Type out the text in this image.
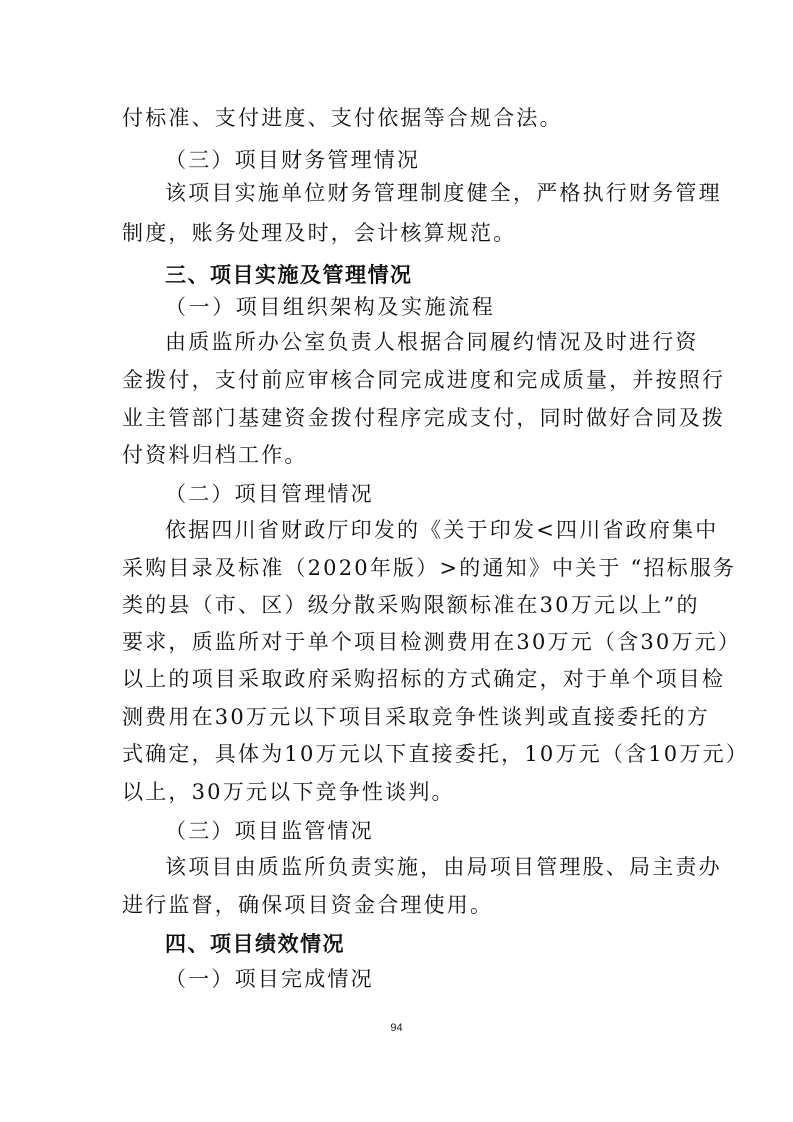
付标准、支付进度、支付依据等合规合法。
（三）项目财务管理情况
该项目实施单位财务管理制度健全，严格执行财务管理
制度，账务处理及时，会计核算规范。
三、项目实施及管理情况
（一）项目组织架构及实施流程
由质监所办公室负责人根据合同履约情况及时进行资
金拨付，支付前应审核合同完成进度和完成质量，并按照行
业主管部门基建资金拨付程序完成支付，同时做好合同及拨
付资料归档工作。
（二）项目管理情况
依据四川省财政厅印发的《关于印发<四川省政府集中
采购目录及标准（2020年版）>的通知》中关于 “招标服务
类的县（市、区）级分散采购限额标准在30万元以上”的
要求，质监所对于单个项目检测费用在30万元（含30万元）
以上的项目采取政府采购招标的方式确定，对于单个项目检
测费用在30万元以下项目采取竞争性谈判或直接委托的方
式确定，具体为10万元以下直接委托，10万元（含10万元）
以上，30万元以下竞争性谈判。
（三）项目监管情况
该项目由质监所负责实施，由局项目管理股、局主责办
进行监督，确保项目资金合理使用。
四、项目绩效情况
（一）项目完成情况
94
